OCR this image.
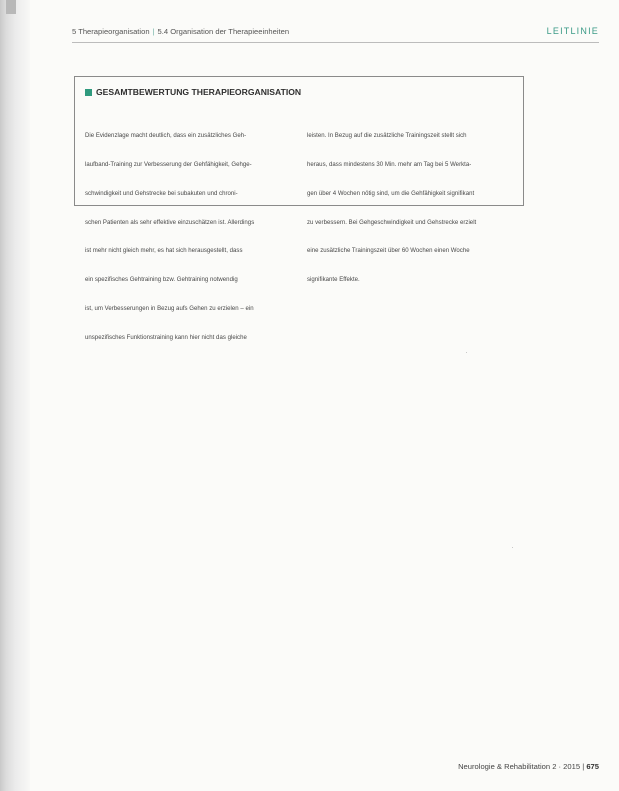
5 Therapieorganisation | 5.4 Organisation der Therapieeinheiten	LEITLINIE
GESAMTBEWERTUNG THERAPIEORGANISATION

Die Evidenzlage macht deutlich, dass ein zusätzliches Geh-

laufband-Training zur Verbesserung der Gehfähigkeit, Gehge-

schwindigkeit und Gehstrecke bei subakuten und chroni-

schen Patienten als sehr effektive einzuschätzen ist. Allerdings

ist mehr nicht gleich mehr, es hat sich herausgestellt, dass

ein spezifisches Gehtraining bzw. Gehtraining notwendig

ist, um Verbesserungen in Bezug aufs Gehen zu erzielen – ein

unspezifisches Funktionstraining kann hier nicht das gleiche

leisten. In Bezug auf die zusätzliche Trainingszeit stellt sich

heraus, dass mindestens 30 Min. mehr am Tag bei 5 Werkta-

gen über 4 Wochen nötig sind, um die Gehfähigkeit signifikant

zu verbessern. Bei Gehgeschwindigkeit und Gehstrecke erzielt

eine zusätzliche Trainingszeit über 60 Wochen einen Woche

signifikante Effekte.

Neurologie & Rehabilitation 2 · 2015 | 675
